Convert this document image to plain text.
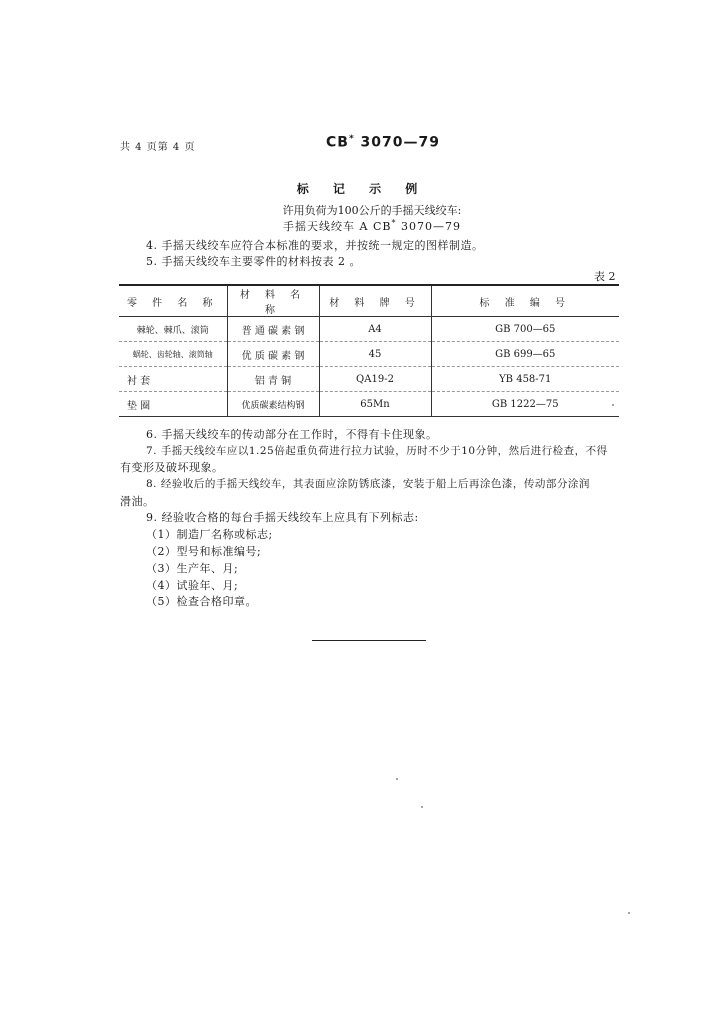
共 4 页第 4 页	CB* 3070—79
标 记 示 例
许用负荷为100公斤的手摇天线绞车:
手摇天线绞车 A CB* 3070—79
4. 手摇天线绞车应符合本标准的要求，并按统一规定的图样制造。
5. 手摇天线绞车主要零件的材料按表 2 。
表 2
零 件 名 称	材 料 名 称	材 料 牌 号	标 准 编 号
棘轮、棘爪、滚筒	普 通 碳 素 钢	A4	GB 700—65
蜗轮、齿轮轴、滚筒轴	优 质 碳 素 钢	45	GB 699—65
衬 套	铝 青 铜	QA19-2	YB 458-71
垫 圈	优质碳素结构钢	65Mn	GB 1222—75
6. 手摇天线绞车的传动部分在工作时，不得有卡住现象。
7. 手摇天线绞车应以1.25倍起重负荷进行拉力试验，历时不少于10分钟，然后进行检查，不得
有变形及破坏现象。
8. 经验收后的手摇天线绞车，其表面应涂防锈底漆，安装于船上后再涂色漆，传动部分涂润
滑油。
9. 经验收合格的每台手摇天线绞车上应具有下列标志:
（1）制造厂名称或标志;
（2）型号和标准编号;
（3）生产年、月;
（4）试验年、月;
（5）检查合格印章。
